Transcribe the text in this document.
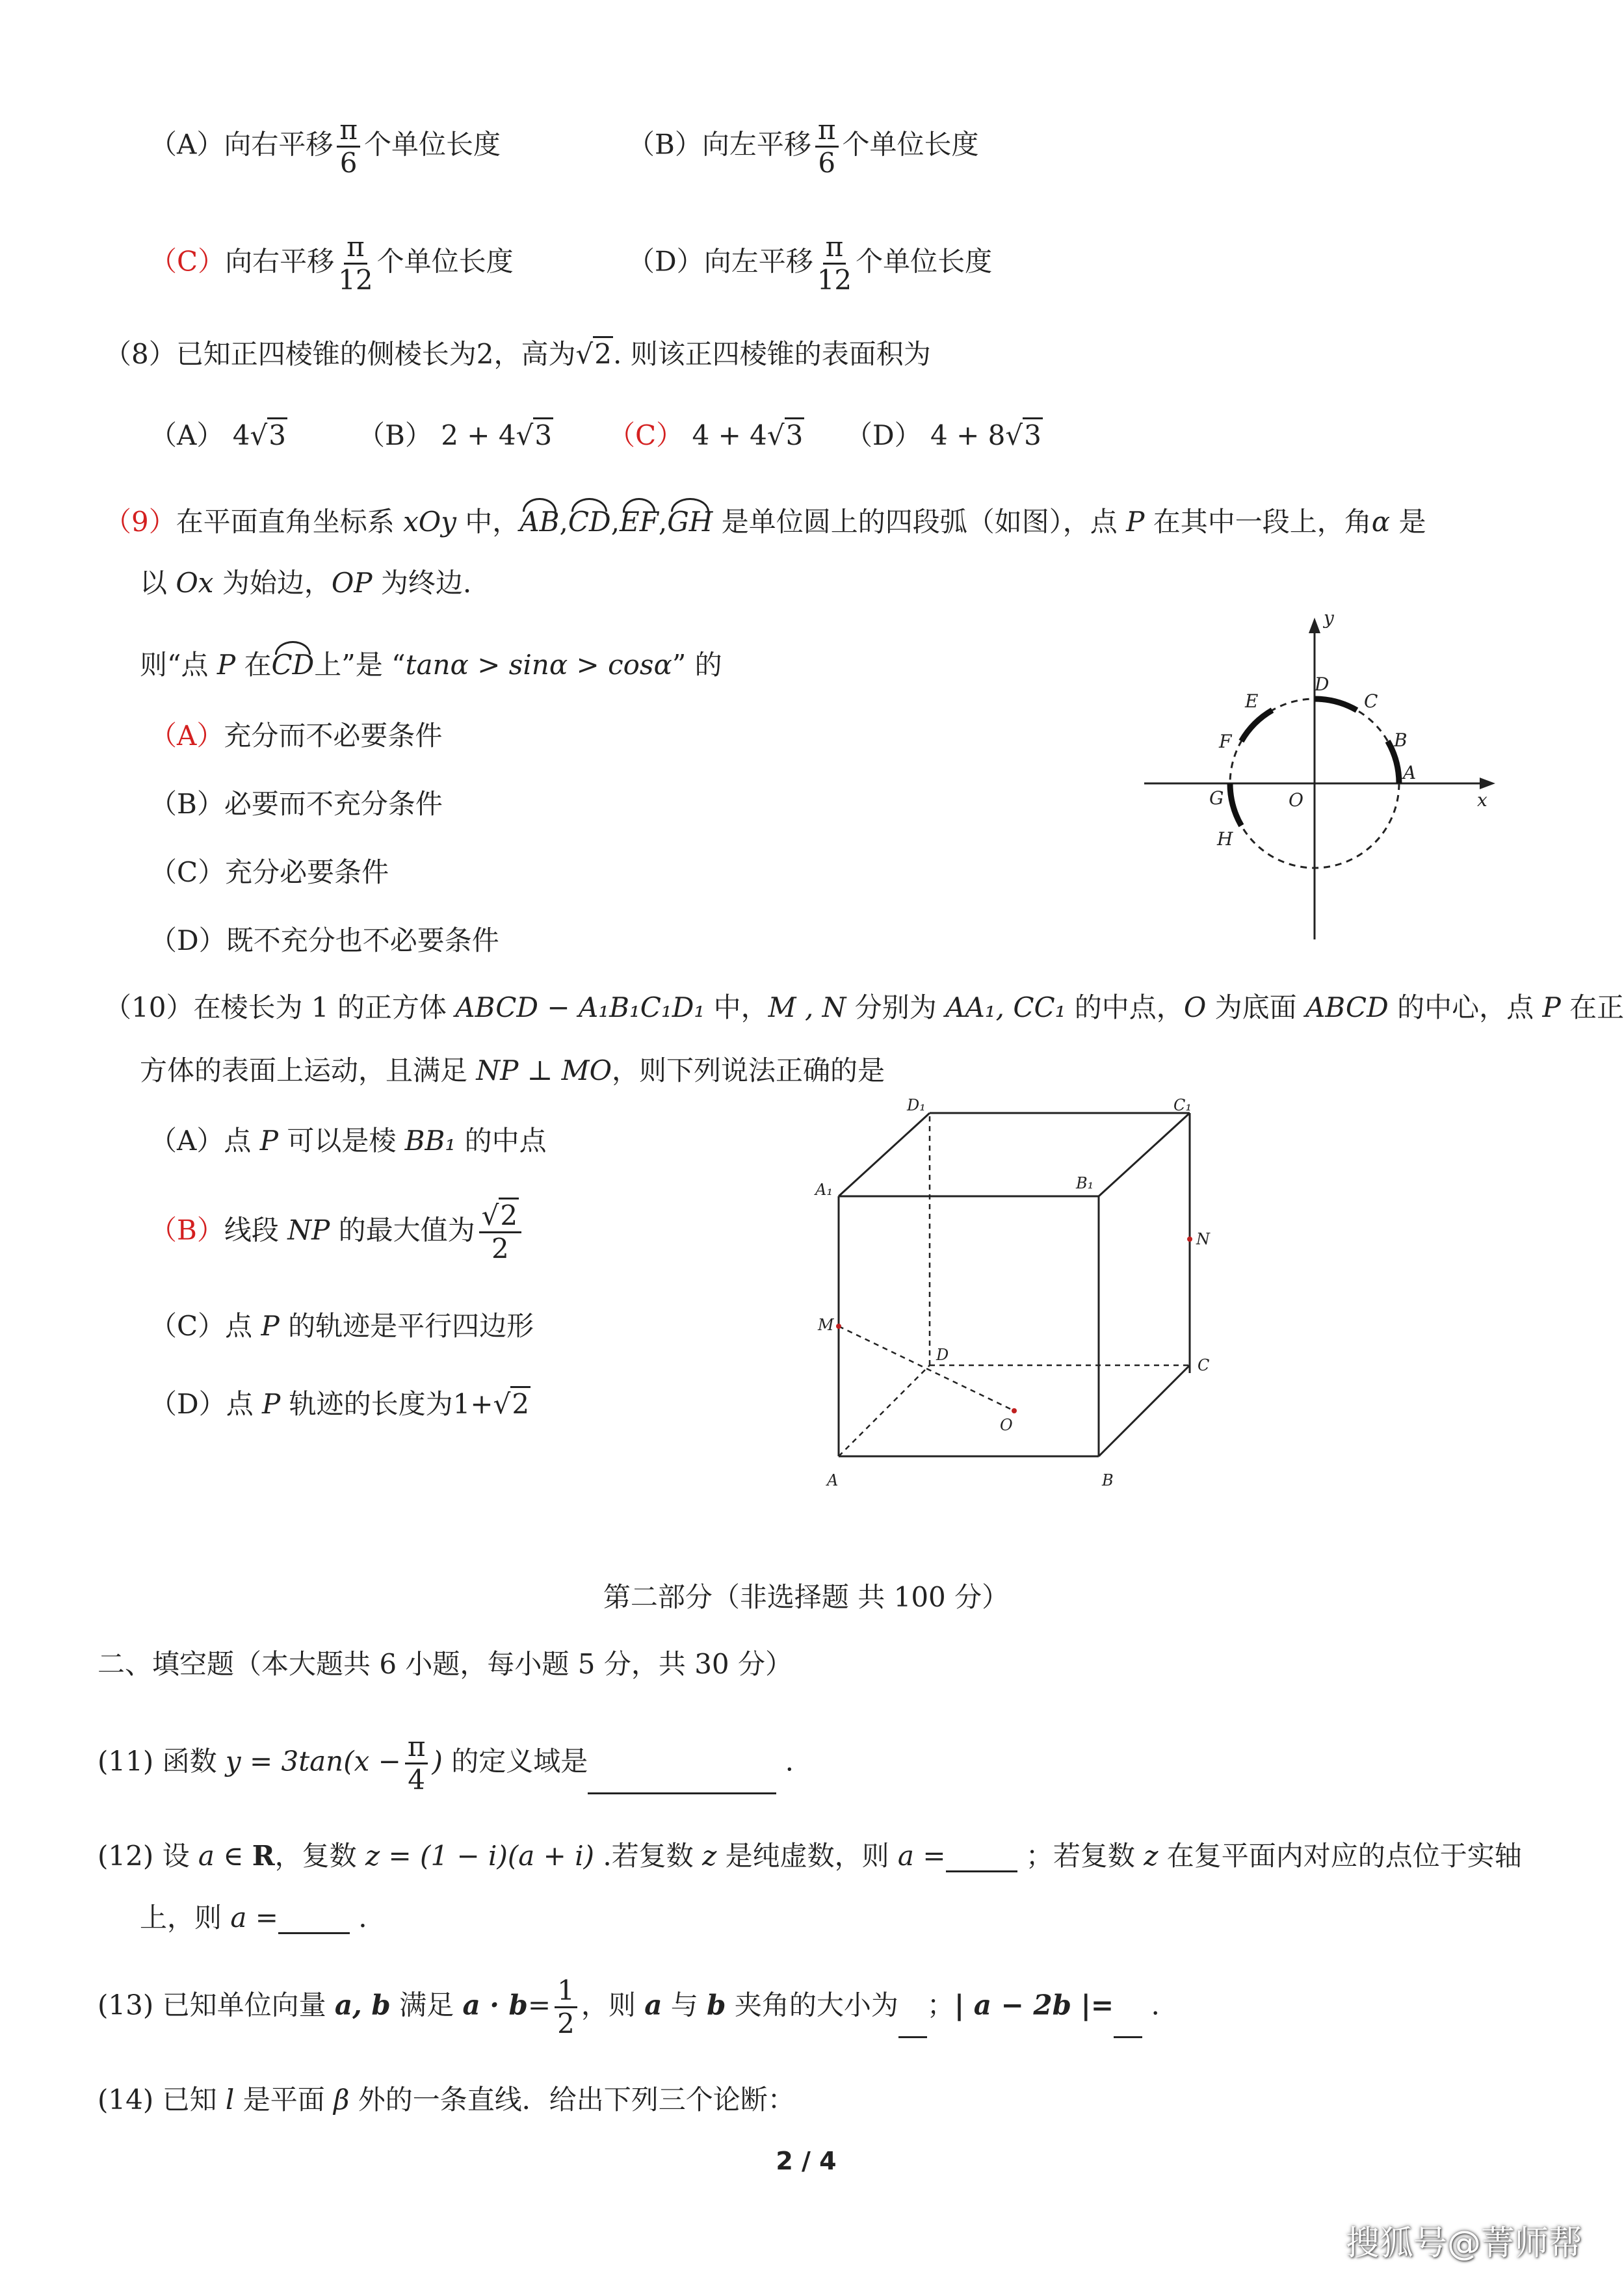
（A）向右平移 $\frac{\pi}{6}$ 个单位长度	（B）向左平移 $\frac{\pi}{6}$ 个单位长度
（C）向右平移 $\frac{\pi}{12}$ 个单位长度	（D）向左平移 $\frac{\pi}{12}$ 个单位长度
（8）已知正四棱锥的侧棱长为2，高为√2. 则该正四棱锥的表面积为
（A） 4√3	（B） 2 + 4√3 （C） 4 + 4√3 （D） 4 + 8√3
（9）在平面直角坐标系 xOy 中，AB,CD,EF,GH 是单位圆上的四段弧（如图），点 P 在其中一段上，角α 是
以 Ox 为始边，OP 为终边.
则“点 P 在CD上”是 “tanα > sinα > cosα” 的
（A）充分而不必要条件
（B）必要而不充分条件
（C）充分必要条件
（D）既不充分也不必要条件
y
x
O
A
B
C
D
E
F
G
H
（10）在棱长为 1 的正方体 ABCD − A₁B₁C₁D₁ 中，M , N 分别为 AA₁, CC₁ 的中点，O 为底面 ABCD 的中心，点 P 在正
方体的表面上运动，且满足 NP ⊥ MO，则下列说法正确的是
（A）点 P 可以是棱 BB₁ 的中点
（B）线段 NP 的最大值为 $\frac{√2}{2}$
（C）点 P 的轨迹是平行四边形
（D）点 P 轨迹的长度为1+√2
A	B
C
D
A₁	B₁
C₁
D₁
M
N
O
第二部分（非选择题 共 100 分）
二、填空题（本大题共 6 小题，每小题 5 分，共 30 分）
(11) 函数 $y = 3\tan(x - \frac{\pi}{4}$ ) 的定义域是	.
(12) 设 a ∈ R，复数 z = (1 − i)(a + i) .若复数 z 是纯虚数，则 a =	；若复数 z 在复平面内对应的点位于实轴
上，则 a =	.
(13) 已知单位向量 a, b 满足 $a \cdot b= \frac{1}{2}$ ，则 a 与 b 夹角的大小为 ；| a − 2b |= .
(14) 已知 l 是平面 β 外的一条直线．给出下列三个论断：
2 / 4
搜狐号@菁师帮
